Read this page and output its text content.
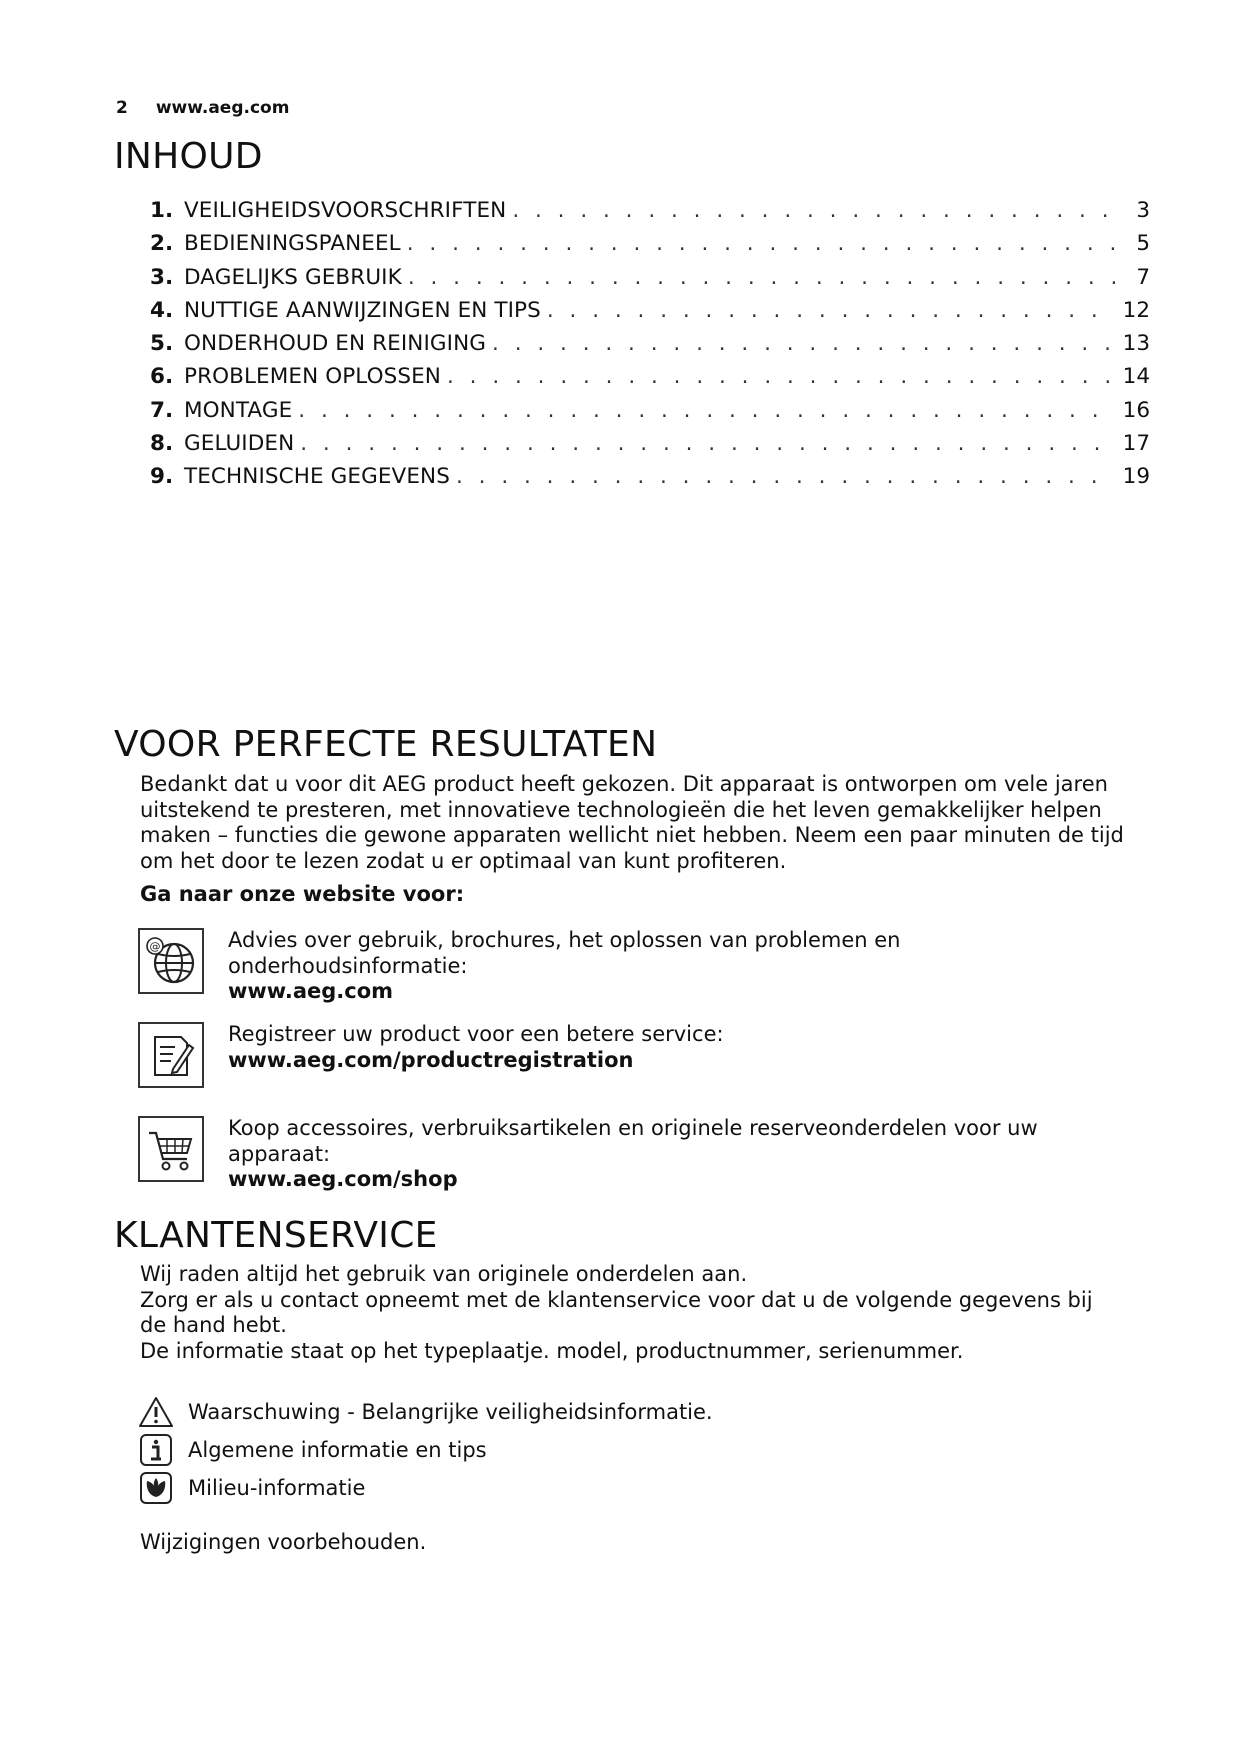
2 www.aeg.com
INHOUD
1. VEILIGHEIDSVOORSCHRIFTEN . . .	3
2. BEDIENINGSPANEEL . . .	5
3. DAGELIJKS GEBRUIK . . .	7
4. NUTTIGE AANWIJZINGEN EN TIPS . . .	12
5. ONDERHOUD EN REINIGING . . .	13
6. PROBLEMEN OPLOSSEN . . .	14
7. MONTAGE . . .	16
8. GELUIDEN . . .	17
9. TECHNISCHE GEGEVENS . . .	19
VOOR PERFECTE RESULTATEN

Bedankt dat u voor dit AEG product heeft gekozen. Dit apparaat is ontworpen om vele jaren uitstekend te presteren, met innovatieve technologieën die het leven gemakkelijker helpen maken – functies die gewone apparaten wellicht niet hebben. Neem een paar minuten de tijd om het door te lezen zodat u er optimaal van kunt profiteren.

Ga naar onze website voor:
@	Advies over gebruik, brochures, het oplossen van problemen en onderhoudsinformatie:
www.aeg.com
Registreer uw product voor een betere service:
www.aeg.com/productregistration
Koop accessoires, verbruiksartikelen en originele reserveonderdelen voor uw apparaat:
www.aeg.com/shop
KLANTENSERVICE

Wij raden altijd het gebruik van originele onderdelen aan.

Zorg er als u contact opneemt met de klantenservice voor dat u de volgende gegevens bij de hand hebt.

De informatie staat op het typeplaatje. model, productnummer, serienummer.

Waarschuwing - Belangrijke veiligheidsinformatie.
Algemene informatie en tips
Milieu-informatie
Wijzigingen voorbehouden.
